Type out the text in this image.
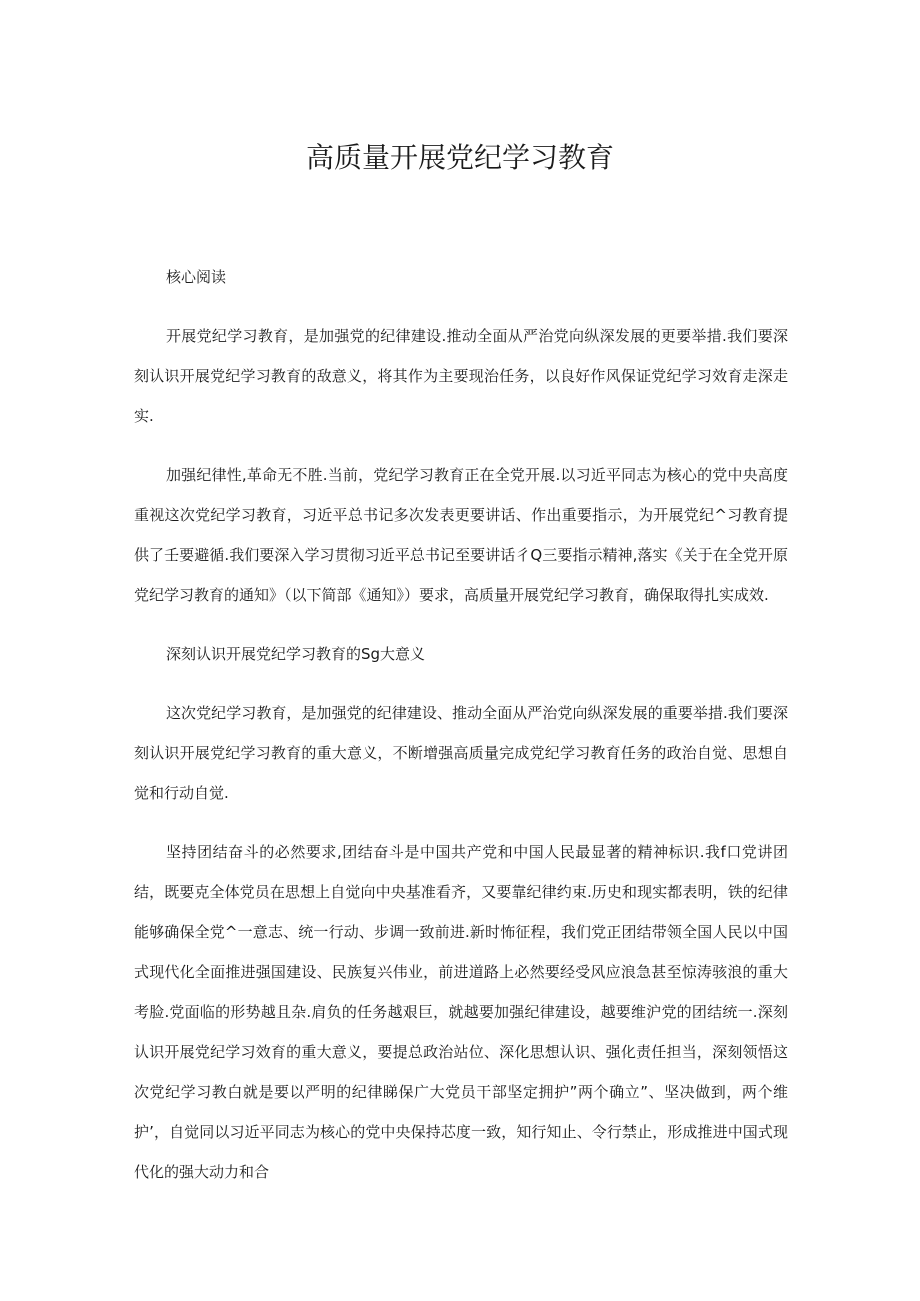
高质量开展党纪学习教育

核心阅读

开展党纪学习教育，是加强党的纪律建设.推动全面从严治党向纵深发展的更要举措.我们要深刻认识开展党纪学习教育的敌意义，将其作为主要现治任务，以良好作风保证党纪学习效育走深走实.

加强纪律性,革命无不胜.当前，党纪学习教育正在全党开展.以习近平同志为核心的党中央高度重视这次党纪学习教育，习近平总书记多次发表更要讲话、作出重要指示，为开展党纪^习教育提供了壬要避循.我们要深入学习贯彻习近平总书记至要讲话彳Q三要指示精神,落实《关于在全党开原党纪学习教育的通知》（以下简部《通知》）要求，高质量开展党纪学习教育，确保取得扎实成效.

深刻认识开展党纪学习教育的Sg大意义

这次党纪学习教育，是加强党的纪律建设、推动全面从严治党向纵深发展的重要举措.我们要深刻认识开展党纪学习教育的重大意义，不断增强高质量完成党纪学习教育任务的政治自觉、思想自觉和行动自觉.

坚持团结奋斗的必然要求,团结奋斗是中国共产党和中国人民最显著的精神标识.我f口党讲团结，既要克全体党员在思想上自觉向中央基准看齐，又要靠纪律约束.历史和现实都表明，铁的纪律能够确保全党^一意志、统一行动、步调一致前进.新时怖征程，我们党正团结带领全国人民以中国式现代化全面推进强国建设、民族复兴伟业，前进道路上必然要经受风应浪急甚至惊涛骇浪的重大考脸.党面临的形势越且杂.肩负的任务越艰巨，就越要加强纪律建设，越要维沪党的团结统一.深刻认识开展党纪学习效育的重大意义，要提总政治站位、深化思想认识、强化责任担当，深刻领悟这次党纪学习教白就是要以严明的纪律睇保广大党员干部坚定拥护”两个确立”、坚决做到，两个维护’，自觉同以习近平同志为核心的党中央保持芯度一致，知行知止、令行禁止，形成推进中国式现代化的强大动力和合
